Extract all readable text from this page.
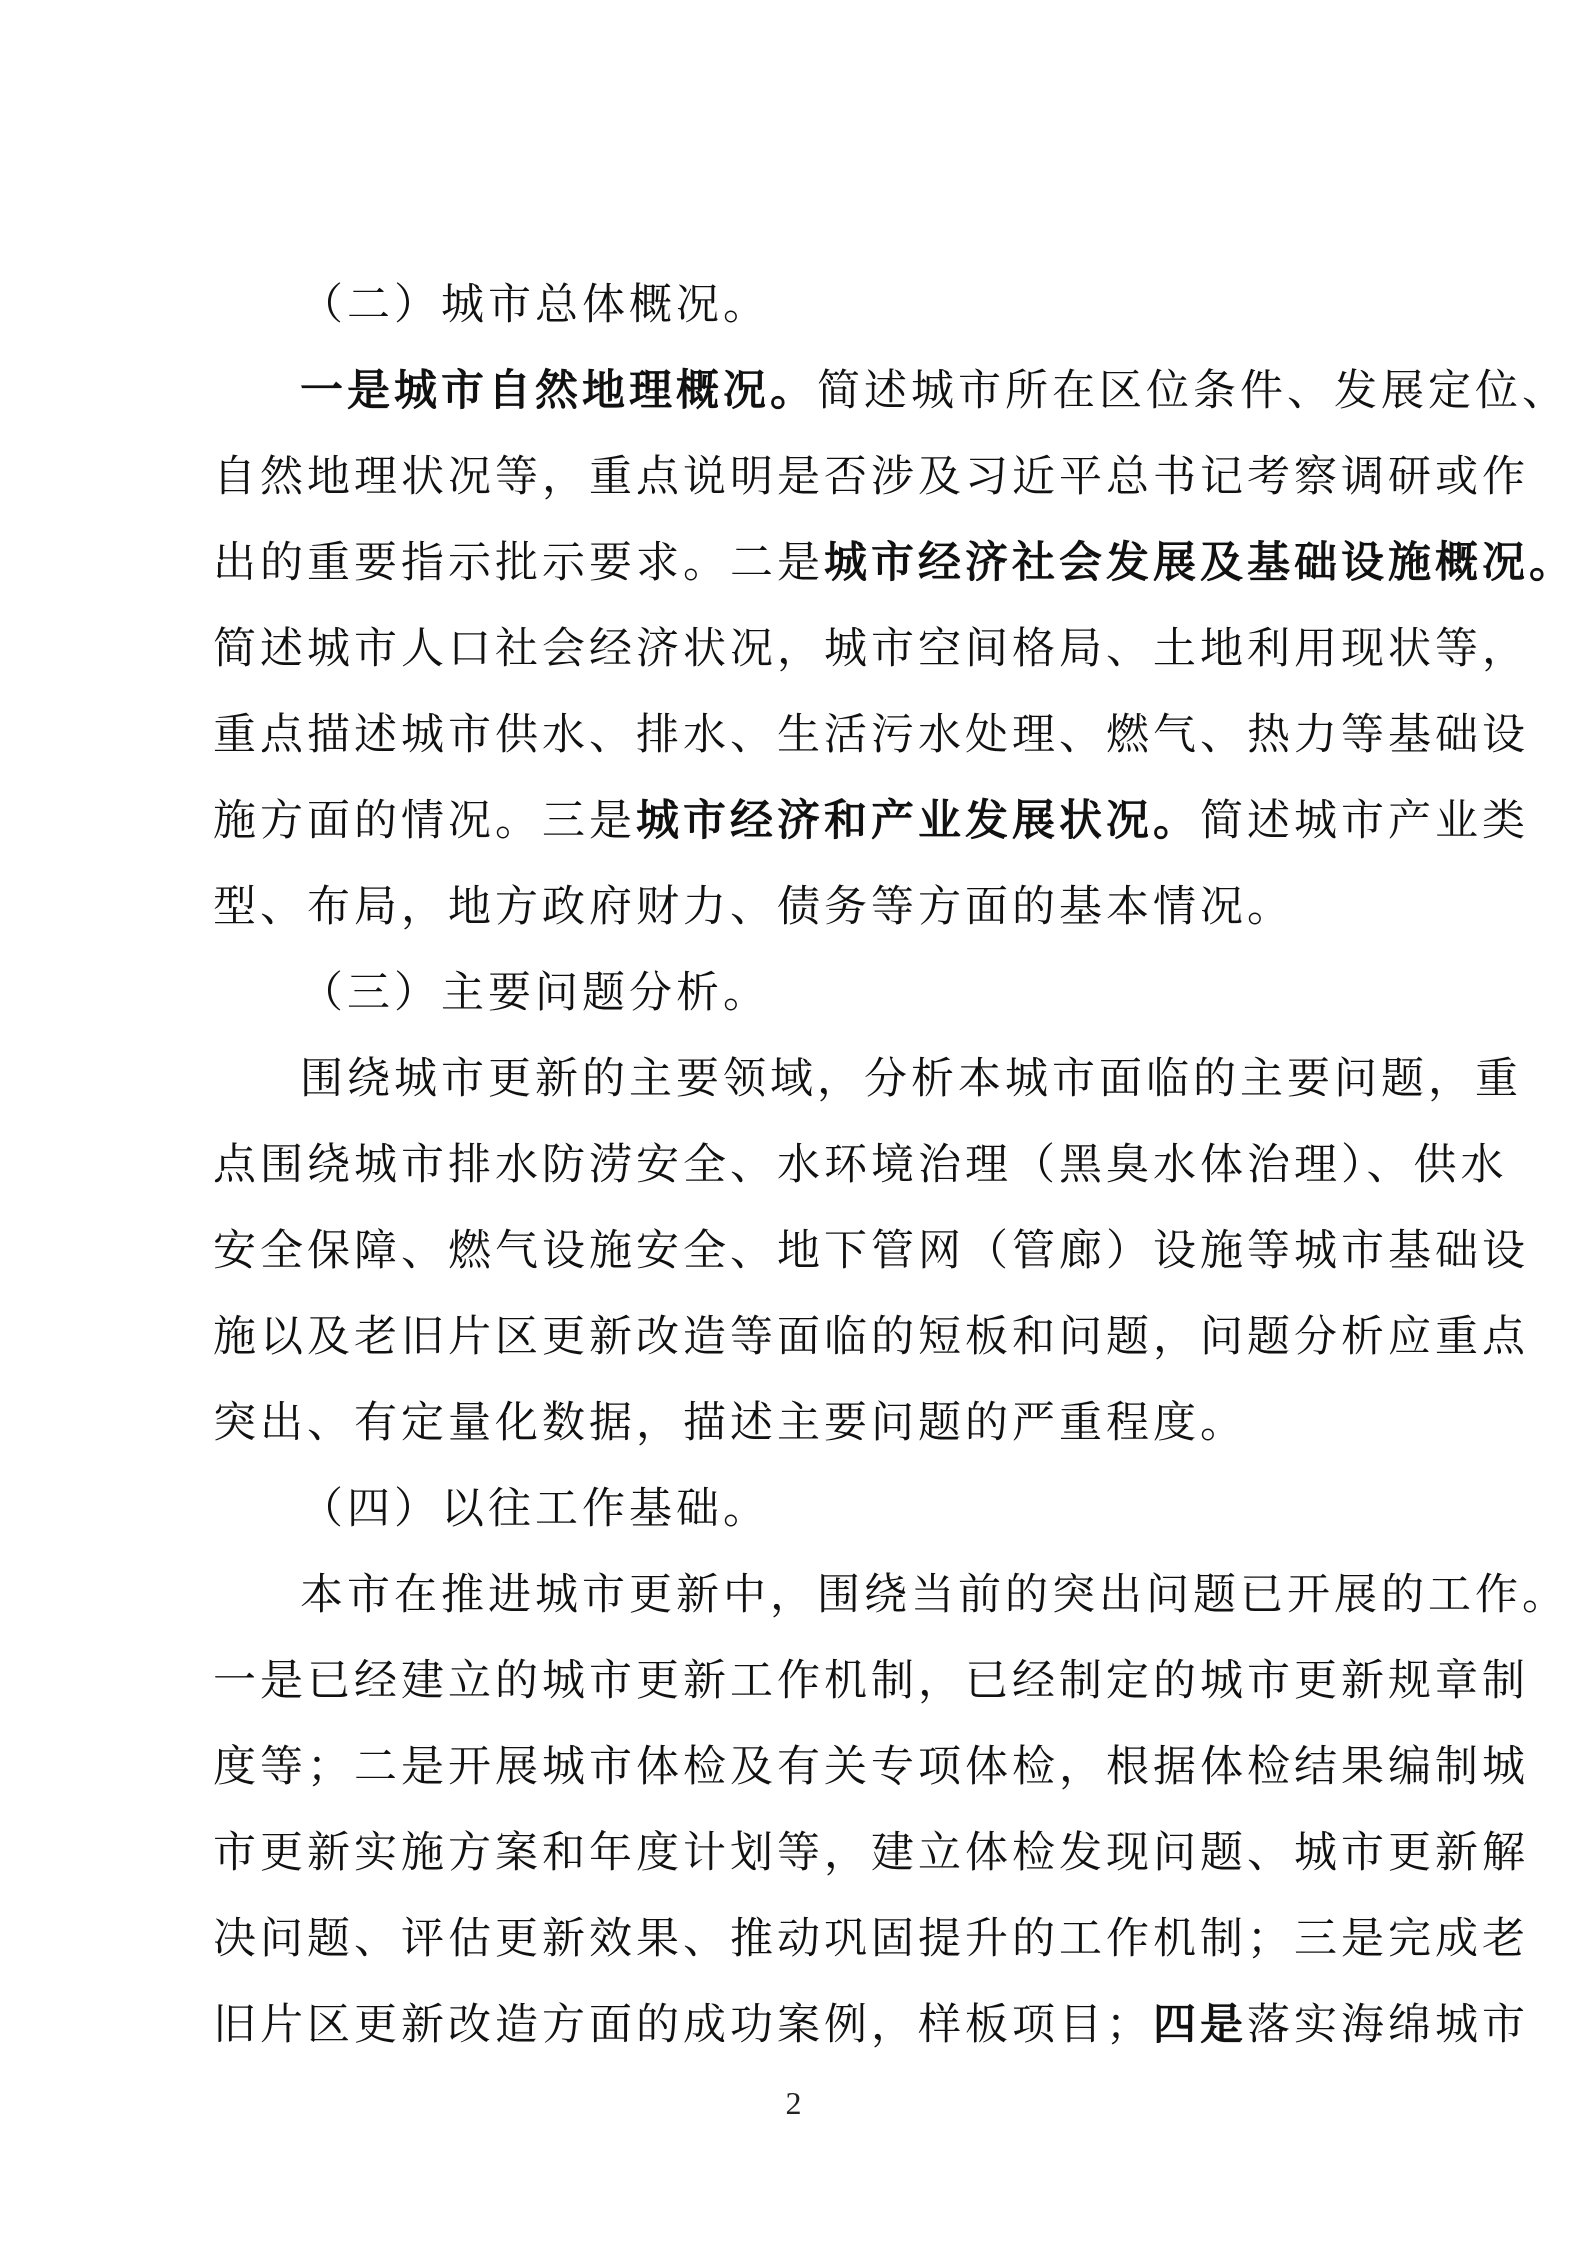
（二）城市总体概况。
一是城市自然地理概况。简述城市所在区位条件、发展定位、
自然地理状况等，重点说明是否涉及习近平总书记考察调研或作
出的重要指示批示要求。二是城市经济社会发展及基础设施概况。
简述城市人口社会经济状况，城市空间格局、土地利用现状等，
重点描述城市供水、排水、生活污水处理、燃气、热力等基础设
施方面的情况。三是城市经济和产业发展状况。简述城市产业类
型、布局，地方政府财力、债务等方面的基本情况。
（三）主要问题分析。
围绕城市更新的主要领域，分析本城市面临的主要问题，重
点围绕城市排水防涝安全、水环境治理（黑臭水体治理）、供水
安全保障、燃气设施安全、地下管网（管廊）设施等城市基础设
施以及老旧片区更新改造等面临的短板和问题，问题分析应重点
突出、有定量化数据，描述主要问题的严重程度。
（四）以往工作基础。
本市在推进城市更新中，围绕当前的突出问题已开展的工作。
一是已经建立的城市更新工作机制，已经制定的城市更新规章制
度等；二是开展城市体检及有关专项体检，根据体检结果编制城
市更新实施方案和年度计划等，建立体检发现问题、城市更新解
决问题、评估更新效果、推动巩固提升的工作机制；三是完成老
旧片区更新改造方面的成功案例，样板项目；四是落实海绵城市
2
